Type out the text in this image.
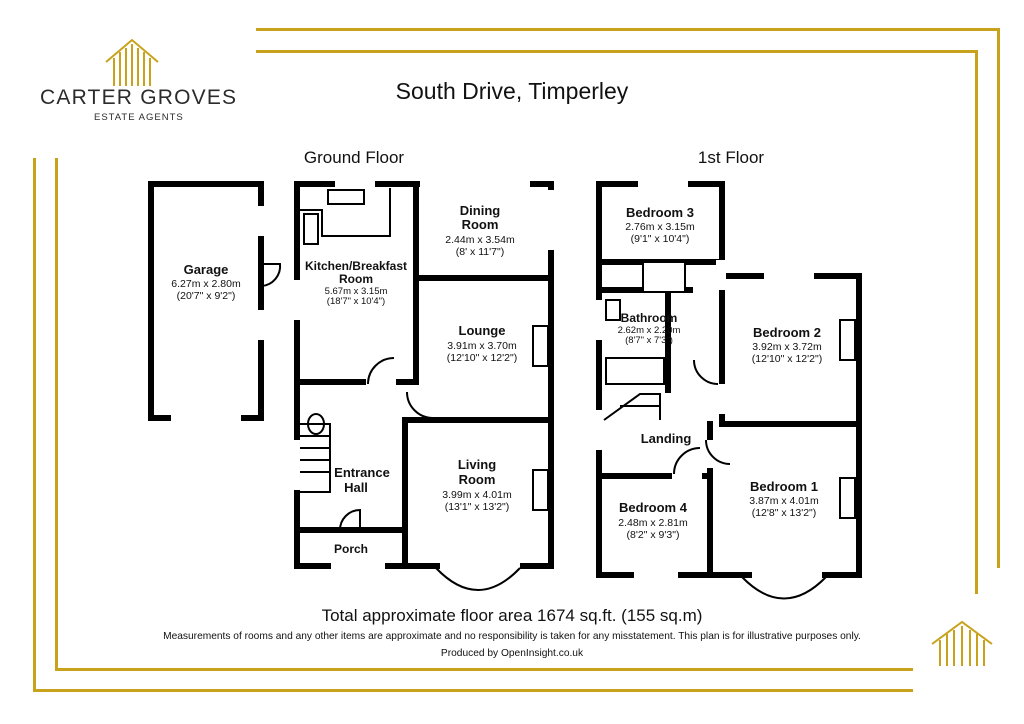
CARTER GROVES
ESTATE AGENTS
South Drive, Timperley
Ground Floor	1st Floor
Garage
6.27m x 2.80m
(20'7" x 9'2")
Kitchen/Breakfast
Room
5.67m x 3.15m
(18'7" x 10'4")
Dining
Room
2.44m x 3.54m
(8' x 11'7")
Lounge
3.91m x 3.70m
(12'10" x 12'2")
Living
Room
3.99m x 4.01m
(13'1" x 13'2")
Entrance
Hall
Porch
Bedroom 3
2.76m x 3.15m
(9'1" x 10'4")
Bathroom
2.62m x 2.20m
(8'7" x 7'3")
Bedroom 2
3.92m x 3.72m
(12'10" x 12'2")
Landing
Bedroom 4
2.48m x 2.81m
(8'2" x 9'3")
Bedroom 1
3.87m x 4.01m
(12'8" x 13'2")
Total approximate floor area 1674 sq.ft. (155 sq.m)
Measurements of rooms and any other items are approximate and no responsibility is taken for any misstatement. This plan is for illustrative purposes only.
Produced by OpenInsight.co.uk
